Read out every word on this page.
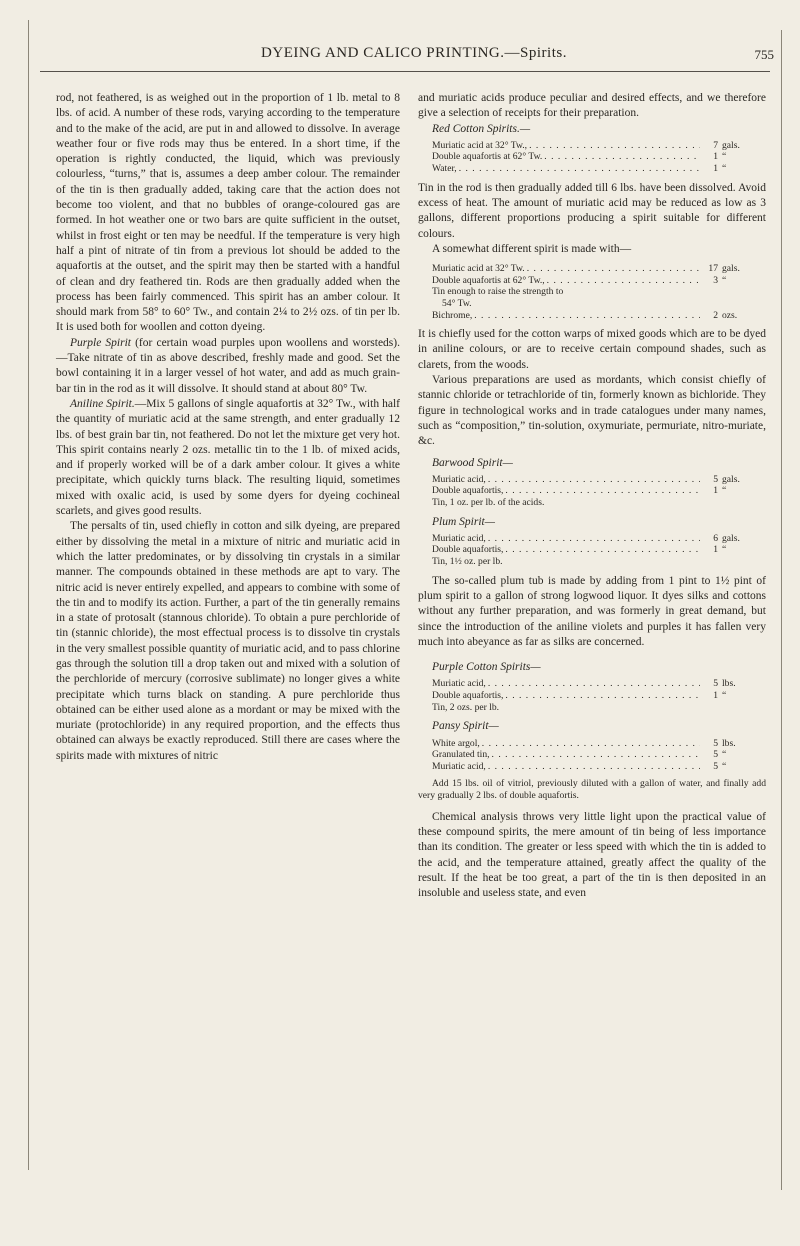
DYEING AND CALICO PRINTING.—Spirits.	755

rod, not feathered, is as weighed out in the proportion of 1 lb. metal to 8 lbs. of acid. A number of these rods, varying according to the temperature and to the make of the acid, are put in and allowed to dissolve. In average weather four or five rods may thus be entered. In a short time, if the operation is rightly conducted, the liquid, which was previously colourless, “turns,” that is, assumes a deep amber colour. The remainder of the tin is then gradually added, taking care that the action does not become too violent, and that no bubbles of orange-coloured gas are formed. In hot weather one or two bars are quite sufficient in the outset, whilst in frost eight or ten may be needful. If the temperature is very high half a pint of nitrate of tin from a previous lot should be added to the aquafortis at the outset, and the spirit may then be started with a handful of clean and dry feathered tin. Rods are then gradually added when the process has been fairly commenced. This spirit has an amber colour. It should mark from 58° to 60° Tw., and contain 2¼ to 2½ ozs. of tin per lb. It is used both for woollen and cotton dyeing.

Purple Spirit (for certain woad purples upon woollens and worsteds).—Take nitrate of tin as above described, freshly made and good. Set the bowl containing it in a larger vessel of hot water, and add as much grain-bar tin in the rod as it will dissolve. It should stand at about 80° Tw.

Aniline Spirit.—Mix 5 gallons of single aquafortis at 32° Tw., with half the quantity of muriatic acid at the same strength, and enter gradually 12 lbs. of best grain bar tin, not feathered. Do not let the mixture get very hot. This spirit contains nearly 2 ozs. metallic tin to the 1 lb. of mixed acids, and if properly worked will be of a dark amber colour. It gives a white precipitate, which quickly turns black. The resulting liquid, sometimes mixed with oxalic acid, is used by some dyers for dyeing cochineal scarlets, and gives good results.

The persalts of tin, used chiefly in cotton and silk dyeing, are prepared either by dissolving the metal in a mixture of nitric and muriatic acid in which the latter predominates, or by dissolving tin crystals in a similar manner. The compounds obtained in these methods are apt to vary. The nitric acid is never entirely expelled, and appears to combine with some of the tin and to modify its action. Further, a part of the tin generally remains in a state of protosalt (stannous chloride). To obtain a pure perchloride of tin (stannic chloride), the most effectual process is to dissolve tin crystals in the very smallest possible quantity of muriatic acid, and to pass chlorine gas through the solution till a drop taken out and mixed with a solution of the perchloride of mercury (corrosive sublimate) no longer gives a white precipitate which turns black on standing. A pure perchloride thus obtained can be either used alone as a mordant or may be mixed with the muriate (protochloride) in any required proportion, and the effects thus obtained can always be exactly reproduced. Still there are cases where the spirits made with mixtures of nitric

and muriatic acids produce peculiar and desired effects, and we therefore give a selection of receipts for their preparation.

Red Cotton Spirits.—
Muriatic acid at 32° Tw., . . .	7 gals.
Double aquafortis at 62° Tw. . . .	1 “
Water, . . .	1 “

Tin in the rod is then gradually added till 6 lbs. have been dissolved. Avoid excess of heat. The amount of muriatic acid may be reduced as low as 3 gallons, different proportions producing a spirit suitable for different colours.

A somewhat different spirit is made with—

Muriatic acid at 32° Tw. . . .	17 gals.
Double aquafortis at 62° Tw., . . .	3 “
Tin enough to raise the strength to
54° Tw.
Bichrome, . . .	2 ozs.

It is chiefly used for the cotton warps of mixed goods which are to be dyed in aniline colours, or are to receive certain compound shades, such as clarets, from the woods.

Various preparations are used as mordants, which consist chiefly of stannic chloride or tetrachloride of tin, formerly known as bichloride. They figure in technological works and in trade catalogues under many names, such as “composition,” tin-solution, oxymuriate, permuriate, nitro-muriate, &c.

Barwood Spirit—
Muriatic acid, . . .	5 gals.
Double aquafortis, . . .	1 “
Tin, 1 oz. per lb. of the acids.
Plum Spirit—
Muriatic acid, . . .	6 gals.
Double aquafortis, . . .	1 “
Tin, 1½ oz. per lb.

The so-called plum tub is made by adding from 1 pint to 1½ pint of plum spirit to a gallon of strong logwood liquor. It dyes silks and cottons without any further preparation, and was formerly in great demand, but since the introduction of the aniline violets and purples it has fallen very much into abeyance as far as silks are concerned.

Purple Cotton Spirits—
Muriatic acid, . . .	5 lbs.
Double aquafortis, . . .	1 “
Tin, 2 ozs. per lb.
Pansy Spirit—
White argol, . . .	5 lbs.
Granulated tin, . . .	5 “
Muriatic acid, . . .	5 “
Add 15 lbs. oil of vitriol, previously diluted with a gallon of water, and finally add very gradually 2 lbs. of double aquafortis.

Chemical analysis throws very little light upon the practical value of these compound spirits, the mere amount of tin being of less importance than its condition. The greater or less speed with which the tin is added to the acid, and the temperature attained, greatly affect the quality of the result. If the heat be too great, a part of the tin is then deposited in an insoluble and useless state, and even
